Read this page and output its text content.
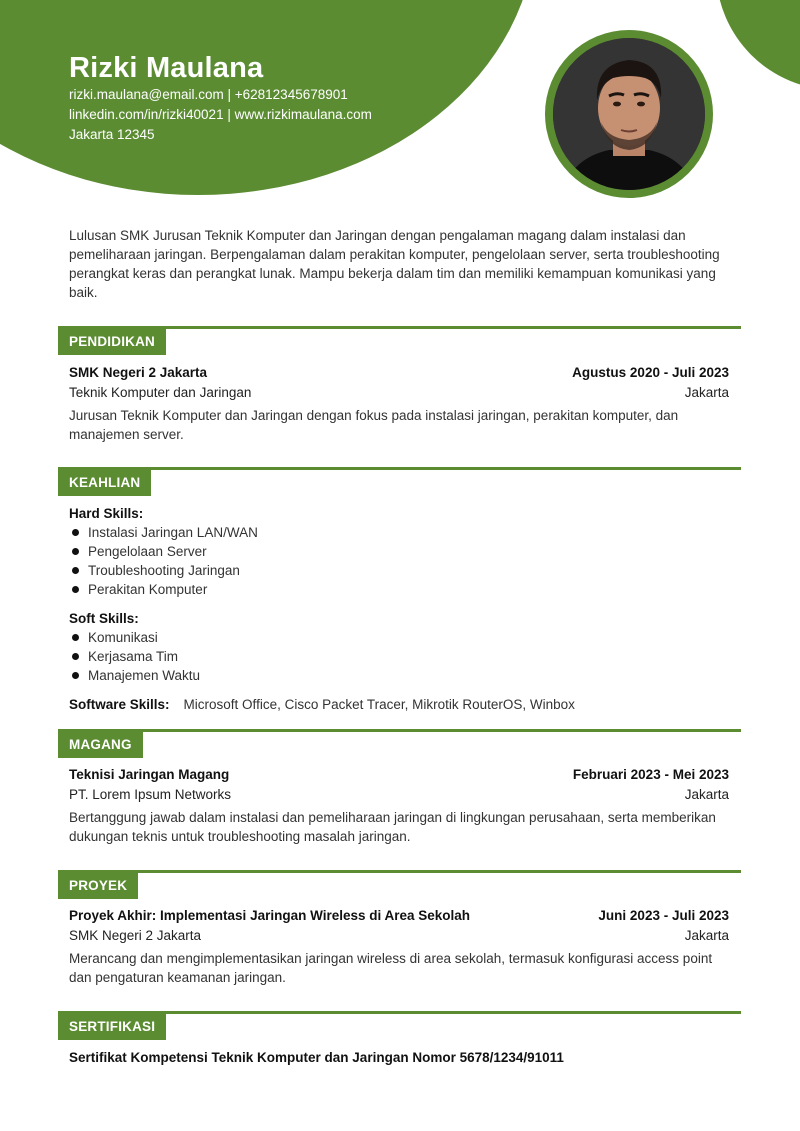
Rizki Maulana
rizki.maulana@email.com | +62812345678901
linkedin.com/in/rizki40021 | www.rizkimaulana.com
Jakarta 12345
Lulusan SMK Jurusan Teknik Komputer dan Jaringan dengan pengalaman magang dalam instalasi dan pemeliharaan jaringan. Berpengalaman dalam perakitan komputer, pengelolaan server, serta troubleshooting perangkat keras dan perangkat lunak. Mampu bekerja dalam tim dan memiliki kemampuan komunikasi yang baik.
PENDIDIKAN
SMK Negeri 2 Jakarta	Agustus 2020 - Juli 2023
Teknik Komputer dan Jaringan	Jakarta
Jurusan Teknik Komputer dan Jaringan dengan fokus pada instalasi jaringan, perakitan komputer, dan manajemen server.
KEAHLIAN
Hard Skills:
Instalasi Jaringan LAN/WAN
Pengelolaan Server
Troubleshooting Jaringan
Perakitan Komputer
Soft Skills:
Komunikasi
Kerjasama Tim
Manajemen Waktu
Software Skills: Microsoft Office, Cisco Packet Tracer, Mikrotik RouterOS, Winbox
MAGANG
Teknisi Jaringan Magang	Februari 2023 - Mei 2023
PT. Lorem Ipsum Networks	Jakarta
Bertanggung jawab dalam instalasi dan pemeliharaan jaringan di lingkungan perusahaan, serta memberikan dukungan teknis untuk troubleshooting masalah jaringan.
PROYEK
Proyek Akhir: Implementasi Jaringan Wireless di Area Sekolah	Juni 2023 - Juli 2023
SMK Negeri 2 Jakarta	Jakarta
Merancang dan mengimplementasikan jaringan wireless di area sekolah, termasuk konfigurasi access point dan pengaturan keamanan jaringan.
SERTIFIKASI
Sertifikat Kompetensi Teknik Komputer dan Jaringan Nomor 5678/1234/91011
